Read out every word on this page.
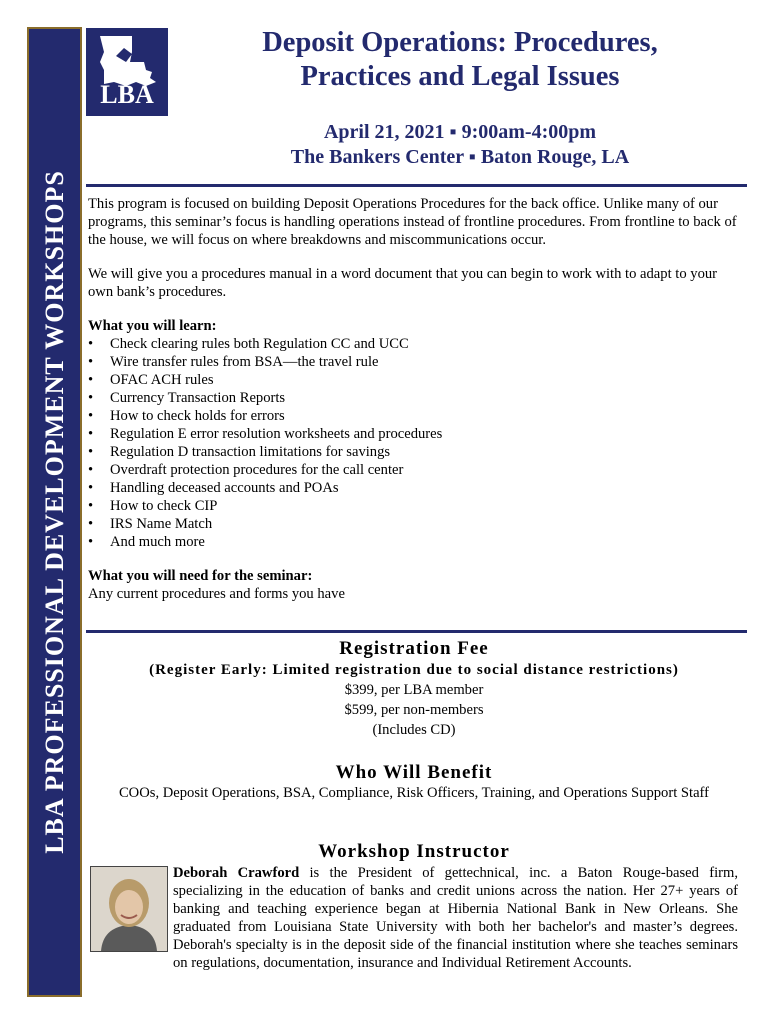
LBA PROFESSIONAL DEVELOPMENT WORKSHOPS
LBA
Deposit Operations: Procedures,
Practices and Legal Issues
April 21, 2021 ▪ 9:00am-4:00pm
The Bankers Center ▪ Baton Rouge, LA

This program is focused on building Deposit Operations Procedures for the back office. Unlike many of our programs, this seminar’s focus is handling operations instead of frontline procedures. From frontline to back of the house, we will focus on where breakdowns and miscommunications occur.

We will give you a procedures manual in a word document that you can begin to work with to adapt to your own bank’s procedures.

What you will learn:

• Check clearing rules both Regulation CC and UCC
• Wire transfer rules from BSA—the travel rule
• OFAC ACH rules
• Currency Transaction Reports
• How to check holds for errors
• Regulation E error resolution worksheets and procedures
• Regulation D transaction limitations for savings
• Overdraft protection procedures for the call center
• Handling deceased accounts and POAs
• How to check CIP
• IRS Name Match
• And much more

What you will need for the seminar:

Any current procedures and forms you have

Registration Fee
(Register Early: Limited registration due to social distance restrictions)
$399, per LBA member
$599, per non-members
(Includes CD)
Who Will Benefit
COOs, Deposit Operations, BSA, Compliance, Risk Officers, Training, and Operations Support Staff
Workshop Instructor
Deborah Crawford is the President of gettechnical, inc. a Baton Rouge-based firm, specializing in the education of banks and credit unions across the nation. Her 27+ years of banking and teaching experience began at Hibernia National Bank in New Orleans. She graduated from Louisiana State University with both her bachelor's and master’s degrees. Deborah's specialty is in the deposit side of the financial institution where she teaches seminars on regulations, documentation, insurance and Individual Retirement Accounts.
